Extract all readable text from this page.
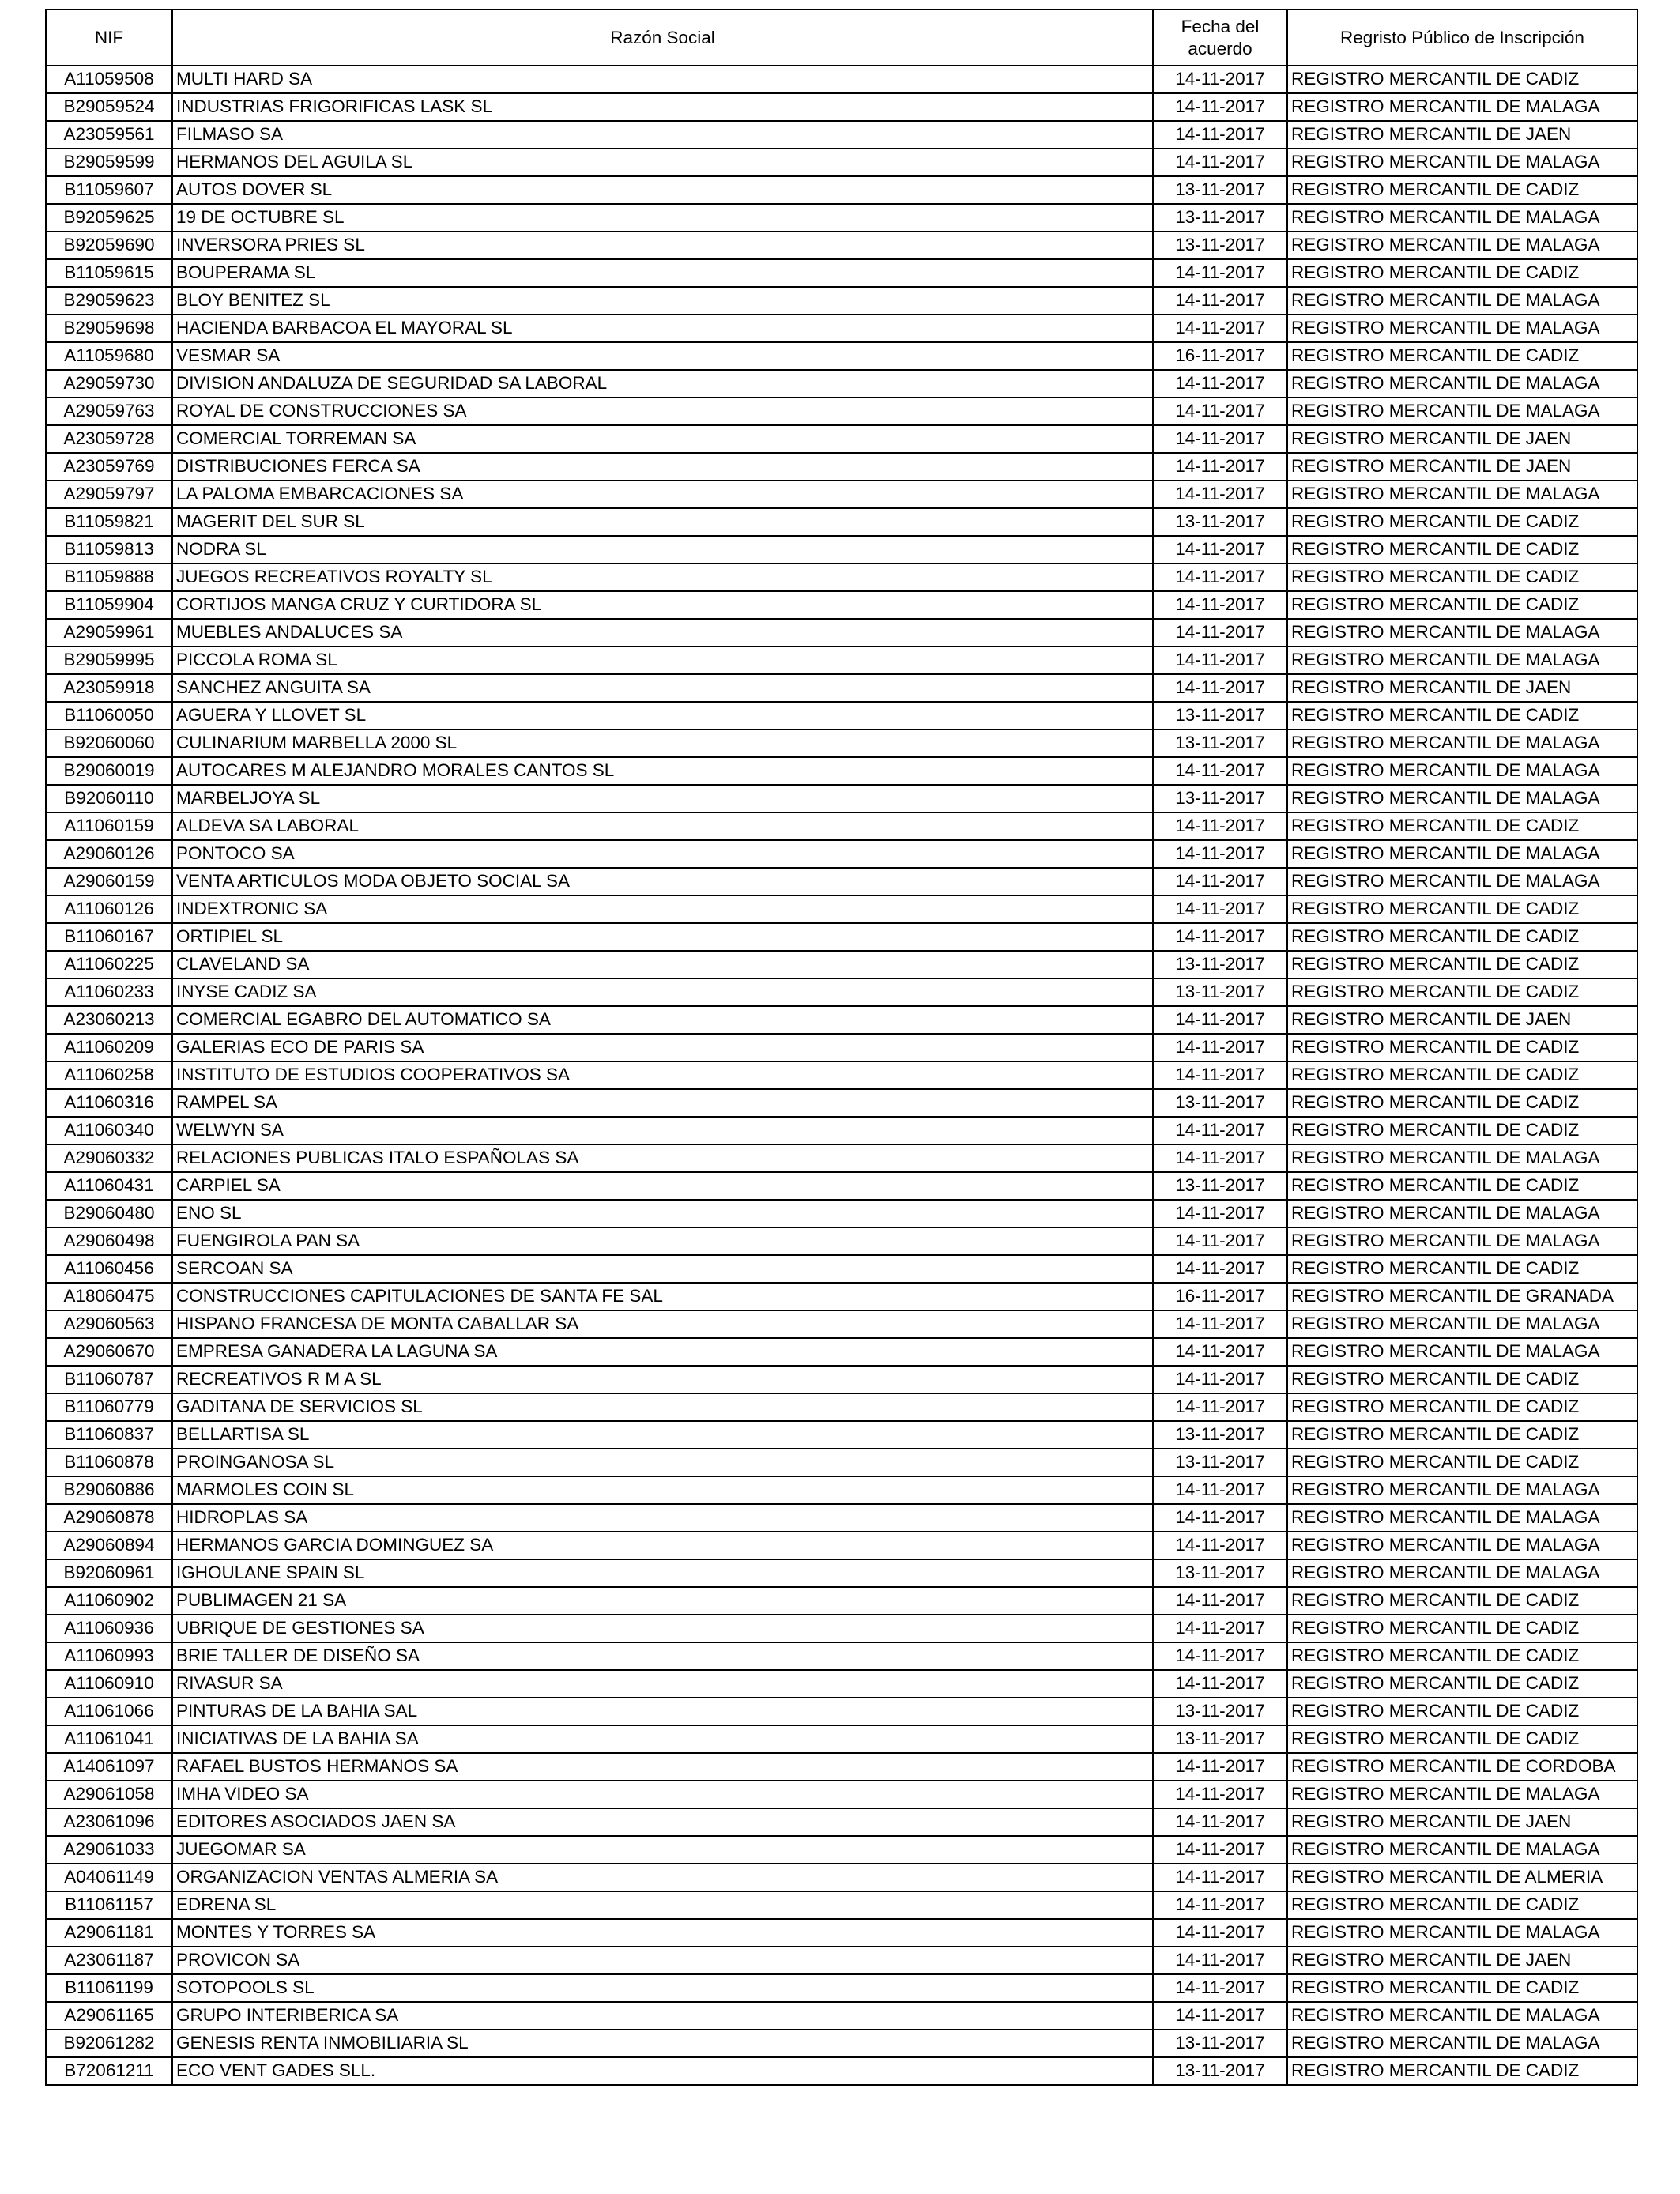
NIF	Razón Social	Fecha del acuerdo	Regristo Público de Inscripción
A11059508	MULTI HARD SA	14-11-2017	REGISTRO MERCANTIL DE CADIZ
B29059524	INDUSTRIAS FRIGORIFICAS LASK SL	14-11-2017	REGISTRO MERCANTIL DE MALAGA
A23059561	FILMASO SA	14-11-2017	REGISTRO MERCANTIL DE JAEN
B29059599	HERMANOS DEL AGUILA SL	14-11-2017	REGISTRO MERCANTIL DE MALAGA
B11059607	AUTOS DOVER SL	13-11-2017	REGISTRO MERCANTIL DE CADIZ
B92059625	19 DE OCTUBRE SL	13-11-2017	REGISTRO MERCANTIL DE MALAGA
B92059690	INVERSORA PRIES SL	13-11-2017	REGISTRO MERCANTIL DE MALAGA
B11059615	BOUPERAMA SL	14-11-2017	REGISTRO MERCANTIL DE CADIZ
B29059623	BLOY BENITEZ SL	14-11-2017	REGISTRO MERCANTIL DE MALAGA
B29059698	HACIENDA BARBACOA EL MAYORAL SL	14-11-2017	REGISTRO MERCANTIL DE MALAGA
A11059680	VESMAR SA	16-11-2017	REGISTRO MERCANTIL DE CADIZ
A29059730	DIVISION ANDALUZA DE SEGURIDAD SA LABORAL	14-11-2017	REGISTRO MERCANTIL DE MALAGA
A29059763	ROYAL DE CONSTRUCCIONES SA	14-11-2017	REGISTRO MERCANTIL DE MALAGA
A23059728	COMERCIAL TORREMAN SA	14-11-2017	REGISTRO MERCANTIL DE JAEN
A23059769	DISTRIBUCIONES FERCA SA	14-11-2017	REGISTRO MERCANTIL DE JAEN
A29059797	LA PALOMA EMBARCACIONES SA	14-11-2017	REGISTRO MERCANTIL DE MALAGA
B11059821	MAGERIT DEL SUR SL	13-11-2017	REGISTRO MERCANTIL DE CADIZ
B11059813	NODRA SL	14-11-2017	REGISTRO MERCANTIL DE CADIZ
B11059888	JUEGOS RECREATIVOS ROYALTY SL	14-11-2017	REGISTRO MERCANTIL DE CADIZ
B11059904	CORTIJOS MANGA CRUZ Y CURTIDORA SL	14-11-2017	REGISTRO MERCANTIL DE CADIZ
A29059961	MUEBLES ANDALUCES SA	14-11-2017	REGISTRO MERCANTIL DE MALAGA
B29059995	PICCOLA ROMA SL	14-11-2017	REGISTRO MERCANTIL DE MALAGA
A23059918	SANCHEZ ANGUITA SA	14-11-2017	REGISTRO MERCANTIL DE JAEN
B11060050	AGUERA Y LLOVET SL	13-11-2017	REGISTRO MERCANTIL DE CADIZ
B92060060	CULINARIUM MARBELLA 2000 SL	13-11-2017	REGISTRO MERCANTIL DE MALAGA
B29060019	AUTOCARES M ALEJANDRO MORALES CANTOS SL	14-11-2017	REGISTRO MERCANTIL DE MALAGA
B92060110	MARBELJOYA SL	13-11-2017	REGISTRO MERCANTIL DE MALAGA
A11060159	ALDEVA SA LABORAL	14-11-2017	REGISTRO MERCANTIL DE CADIZ
A29060126	PONTOCO SA	14-11-2017	REGISTRO MERCANTIL DE MALAGA
A29060159	VENTA ARTICULOS MODA OBJETO SOCIAL SA	14-11-2017	REGISTRO MERCANTIL DE MALAGA
A11060126	INDEXTRONIC SA	14-11-2017	REGISTRO MERCANTIL DE CADIZ
B11060167	ORTIPIEL SL	14-11-2017	REGISTRO MERCANTIL DE CADIZ
A11060225	CLAVELAND SA	13-11-2017	REGISTRO MERCANTIL DE CADIZ
A11060233	INYSE CADIZ SA	13-11-2017	REGISTRO MERCANTIL DE CADIZ
A23060213	COMERCIAL EGABRO DEL AUTOMATICO SA	14-11-2017	REGISTRO MERCANTIL DE JAEN
A11060209	GALERIAS ECO DE PARIS SA	14-11-2017	REGISTRO MERCANTIL DE CADIZ
A11060258	INSTITUTO DE ESTUDIOS COOPERATIVOS SA	14-11-2017	REGISTRO MERCANTIL DE CADIZ
A11060316	RAMPEL SA	13-11-2017	REGISTRO MERCANTIL DE CADIZ
A11060340	WELWYN SA	14-11-2017	REGISTRO MERCANTIL DE CADIZ
A29060332	RELACIONES PUBLICAS ITALO ESPAÑOLAS SA	14-11-2017	REGISTRO MERCANTIL DE MALAGA
A11060431	CARPIEL SA	13-11-2017	REGISTRO MERCANTIL DE CADIZ
B29060480	ENO SL	14-11-2017	REGISTRO MERCANTIL DE MALAGA
A29060498	FUENGIROLA PAN SA	14-11-2017	REGISTRO MERCANTIL DE MALAGA
A11060456	SERCOAN SA	14-11-2017	REGISTRO MERCANTIL DE CADIZ
A18060475	CONSTRUCCIONES CAPITULACIONES DE SANTA FE SAL	16-11-2017	REGISTRO MERCANTIL DE GRANADA
A29060563	HISPANO FRANCESA DE MONTA CABALLAR SA	14-11-2017	REGISTRO MERCANTIL DE MALAGA
A29060670	EMPRESA GANADERA LA LAGUNA SA	14-11-2017	REGISTRO MERCANTIL DE MALAGA
B11060787	RECREATIVOS R M A SL	14-11-2017	REGISTRO MERCANTIL DE CADIZ
B11060779	GADITANA DE SERVICIOS SL	14-11-2017	REGISTRO MERCANTIL DE CADIZ
B11060837	BELLARTISA SL	13-11-2017	REGISTRO MERCANTIL DE CADIZ
B11060878	PROINGANOSA SL	13-11-2017	REGISTRO MERCANTIL DE CADIZ
B29060886	MARMOLES COIN SL	14-11-2017	REGISTRO MERCANTIL DE MALAGA
A29060878	HIDROPLAS SA	14-11-2017	REGISTRO MERCANTIL DE MALAGA
A29060894	HERMANOS GARCIA DOMINGUEZ SA	14-11-2017	REGISTRO MERCANTIL DE MALAGA
B92060961	IGHOULANE SPAIN SL	13-11-2017	REGISTRO MERCANTIL DE MALAGA
A11060902	PUBLIMAGEN 21 SA	14-11-2017	REGISTRO MERCANTIL DE CADIZ
A11060936	UBRIQUE DE GESTIONES SA	14-11-2017	REGISTRO MERCANTIL DE CADIZ
A11060993	BRIE TALLER DE DISEÑO SA	14-11-2017	REGISTRO MERCANTIL DE CADIZ
A11060910	RIVASUR SA	14-11-2017	REGISTRO MERCANTIL DE CADIZ
A11061066	PINTURAS DE LA BAHIA SAL	13-11-2017	REGISTRO MERCANTIL DE CADIZ
A11061041	INICIATIVAS DE LA BAHIA SA	13-11-2017	REGISTRO MERCANTIL DE CADIZ
A14061097	RAFAEL BUSTOS HERMANOS SA	14-11-2017	REGISTRO MERCANTIL DE CORDOBA
A29061058	IMHA VIDEO SA	14-11-2017	REGISTRO MERCANTIL DE MALAGA
A23061096	EDITORES ASOCIADOS JAEN SA	14-11-2017	REGISTRO MERCANTIL DE JAEN
A29061033	JUEGOMAR SA	14-11-2017	REGISTRO MERCANTIL DE MALAGA
A04061149	ORGANIZACION VENTAS ALMERIA SA	14-11-2017	REGISTRO MERCANTIL DE ALMERIA
B11061157	EDRENA SL	14-11-2017	REGISTRO MERCANTIL DE CADIZ
A29061181	MONTES Y TORRES SA	14-11-2017	REGISTRO MERCANTIL DE MALAGA
A23061187	PROVICON SA	14-11-2017	REGISTRO MERCANTIL DE JAEN
B11061199	SOTOPOOLS SL	14-11-2017	REGISTRO MERCANTIL DE CADIZ
A29061165	GRUPO INTERIBERICA SA	14-11-2017	REGISTRO MERCANTIL DE MALAGA
B92061282	GENESIS RENTA INMOBILIARIA SL	13-11-2017	REGISTRO MERCANTIL DE MALAGA
B72061211	ECO VENT GADES SLL.	13-11-2017	REGISTRO MERCANTIL DE CADIZ
